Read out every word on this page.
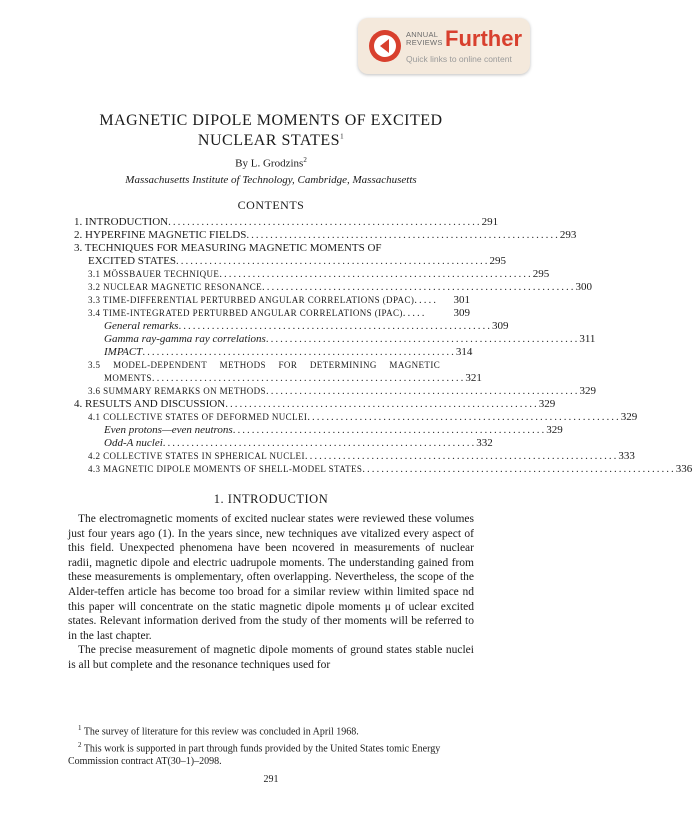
ANNUAL
REVIEWS Further
Quick links to online content
MAGNETIC DIPOLE MOMENTS OF EXCITED
NUCLEAR STATES$^1$
By L. Grodzins$^2$
Massachusetts Institute of Technology, Cambridge, Massachusetts
CONTENTS
1. INTRODUCTION .................................................................. 291
2. HYPERFINE MAGNETIC FIELDS .................................................................. 293
3. TECHNIQUES FOR MEASURING MAGNETIC MOMENTS OF
EXCITED STATES .................................................................. 295
3.1 MÖSSBAUER TECHNIQUE .................................................................. 295
3.2 NUCLEAR MAGNETIC RESONANCE .................................................................. 300
3.3 TIME-DIFFERENTIAL PERTURBED ANGULAR CORRELATIONS (DPAC) .....	301
3.4 TIME-INTEGRATED PERTURBED ANGULAR CORRELATIONS (IPAC) .....	309
General remarks .................................................................. 309
Gamma ray-gamma ray correlations .................................................................. 311
IMPACT .................................................................. 314
3.5 MODEL-DEPENDENT METHODS FOR DETERMINING MAGNETIC
MOMENTS .................................................................. 321
3.6 SUMMARY REMARKS ON METHODS .................................................................. 329
4. RESULTS AND DISCUSSION .................................................................. 329
4.1 COLLECTIVE STATES OF DEFORMED NUCLEI .................................................................. 329
Even protons—even neutrons .................................................................. 329
Odd-A nuclei .................................................................. 332
4.2 COLLECTIVE STATES IN SPHERICAL NUCLEI .................................................................. 333
4.3 MAGNETIC DIPOLE MOMENTS OF SHELL-MODEL STATES .................................................................. 336
1. INTRODUCTION

The electromagnetic moments of excited nuclear states were reviewed these volumes just four years ago (1). In the years since, new techniques ave vitalized every aspect of this field. Unexpected phenomena have been ncovered in measurements of nuclear radii, magnetic dipole and electric uadrupole moments. The understanding gained from these measurements is omplementary, often overlapping. Nevertheless, the scope of the Alder-teffen article has become too broad for a similar review within limited space nd this paper will concentrate on the static magnetic dipole moments μ of uclear excited states. Relevant information derived from the study of ther moments will be referred to in the last chapter.

The precise measurement of magnetic dipole moments of ground states stable nuclei is all but complete and the resonance techniques used for

$^1$ The survey of literature for this review was concluded in April 1968.
$^2$ This work is supported in part through funds provided by the United States tomic Energy Commission contract AT(30–1)–2098.
291
